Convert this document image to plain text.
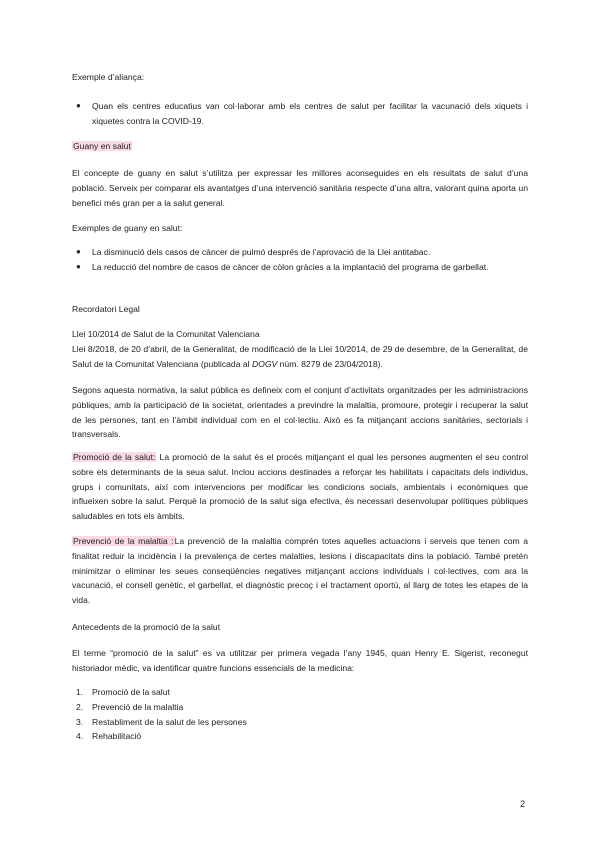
Exemple d’aliança:

● Quan els centres educatius van col·laborar amb els centres de salut per facilitar la vacunació dels xiquets i xiquetes contra la COVID-19.

Guany en salut

El concepte de guany en salut s’utilitza per expressar les millores aconseguides en els resultats de salut d’una població. Serveix per comparar els avantatges d’una intervenció sanitària respecte d’una altra, valorant quina aporta un benefici més gran per a la salut general.

Exemples de guany en salut:

● La disminució dels casos de càncer de pulmó després de l’aprovació de la Llei antitabac.
● La reducció del nombre de casos de càncer de còlon gràcies a la implantació del programa de garbellat.

Recordatori Legal

Llei 10/2014 de Salut de la Comunitat Valenciana

Llei 8/2018, de 20 d’abril, de la Generalitat, de modificació de la Llei 10/2014, de 29 de desembre, de la Generalitat, de Salut de la Comunitat Valenciana (publicada al DOGV núm. 8279 de 23/04/2018).

Segons aquesta normativa, la salut pública es defineix com el conjunt d’activitats organitzades per les administracions públiques, amb la participació de la societat, orientades a previndre la malaltia, promoure, protegir i recuperar la salut de les persones, tant en l’àmbit individual com en el col·lectiu. Això es fa mitjançant accions sanitàries, sectorials i transversals.

Promoció de la salut: La promoció de la salut és el procés mitjançant el qual les persones augmenten el seu control sobre els determinants de la seua salut. Inclou accions destinades a reforçar les habilitats i capacitats dels individus, grups i comunitats, així com intervencions per modificar les condicions socials, ambientals i econòmiques que influeixen sobre la salut. Perquè la promoció de la salut siga efectiva, és necessari desenvolupar polítiques públiques saludables en tots els àmbits.

Prevenció de la malaltia :La prevenció de la malaltia comprén totes aquelles actuacions i serveis que tenen com a finalitat reduir la incidència i la prevalença de certes malalties, lesions i discapacitats dins la població. També pretén minimitzar o eliminar les seues conseqüències negatives mitjançant accions individuals i col·lectives, com ara la vacunació, el consell genètic, el garbellat, el diagnòstic precoç i el tractament oportú, al llarg de totes les etapes de la vida.

Antecedents de la promoció de la salut

El terme “promoció de la salut” es va utilitzar per primera vegada l’any 1945, quan Henry E. Sigerist, reconegut historiador mèdic, va identificar quatre funcions essencials de la medicina:

1. Promoció de la salut
2. Prevenció de la malaltia
3. Restabliment de la salut de les persones
4. Rehabilitació
2
